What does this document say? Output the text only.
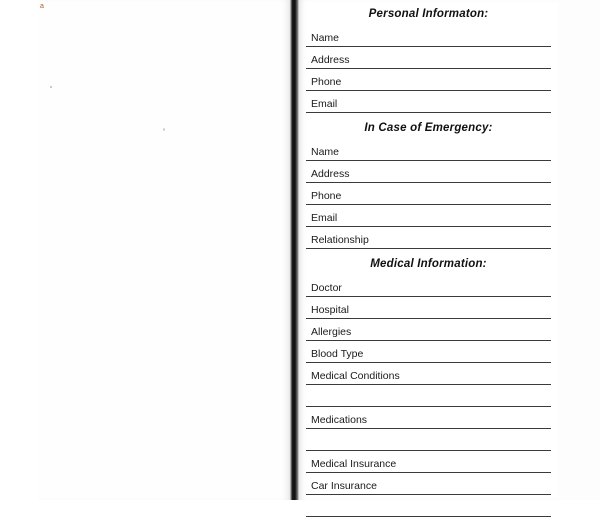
a
Personal Informaton:
Name
Address
Phone
Email
In Case of Emergency:
Name
Address
Phone
Email
Relationship
Medical Information:
Doctor
Hospital
Allergies
Blood Type
Medical Conditions
Medications
Medical Insurance
Car Insurance
